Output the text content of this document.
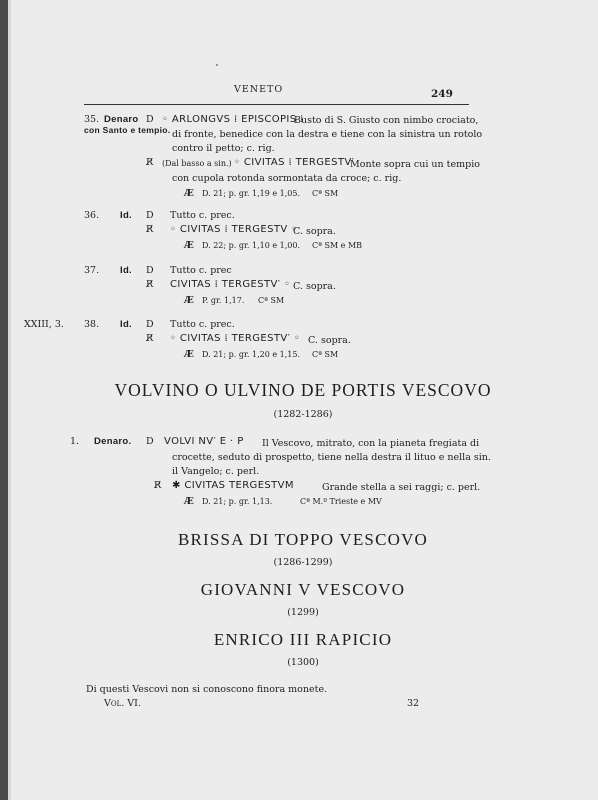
VENETO	249
35. Denaro
con Santo e tempio.
D ◦ ARLONGVS ⁞ EPISCOPIS ⁞
Busto di S. Giusto con nimbo crociato,
di fronte, benedice con la destra e tiene con la sinistra un rotolo
contro il petto; c. rig.
R̸ (Dal basso a sin.) ◦ CIVITAS ⁞ TERGESTV′
Monte sopra cui un tempio
con cupola rotonda sormontata da croce; c. rig.
Æ D. 21; p. gr. 1,19 e 1,05. Cª SM
36. Id. D Tutto c. prec.
R̸ ◦ CIVITAS ⁞ TERGESTV ◦
C. sopra.
Æ D. 22; p. gr. 1,10 e 1,00. Cª SM e MB
37. Id. D Tutto c. prec
R̸ CIVITAS ⁞ TERGESTV′ ◦ C. sopra.
Æ P. gr. 1,17. Cª SM
XXIII, 3. 38. Id. D Tutto c. prec.
R̸ ◦ CIVITAS ⁞ TERGESTV′ ◦ C. sopra.
Æ D. 21; p. gr. 1,20 e 1,15. Cª SM
VOLVINO O ULVINO DE PORTIS VESCOVO
(1282-1286)
1. Denaro. D VOLVI NV′ E · P Il Vescovo, mitrato, con la pianeta fregiata di
crocette, seduto di prospetto, tiene nella destra il lituo e nella sin.
il Vangelo; c. perl.
R̸ ✱ CIVITAS TERGESTVM	Grande stella a sei raggi; c. perl.
Æ D. 21; p. gr. 1,13.	Cª M.º Trieste e MV
BRISSA DI TOPPO VESCOVO
(1286-1299)
GIOVANNI V VESCOVO
(1299)
ENRICO III RAPICIO
(1300)
Di questi Vescovi non si conoscono finora monete.
Vol. VI.	32
